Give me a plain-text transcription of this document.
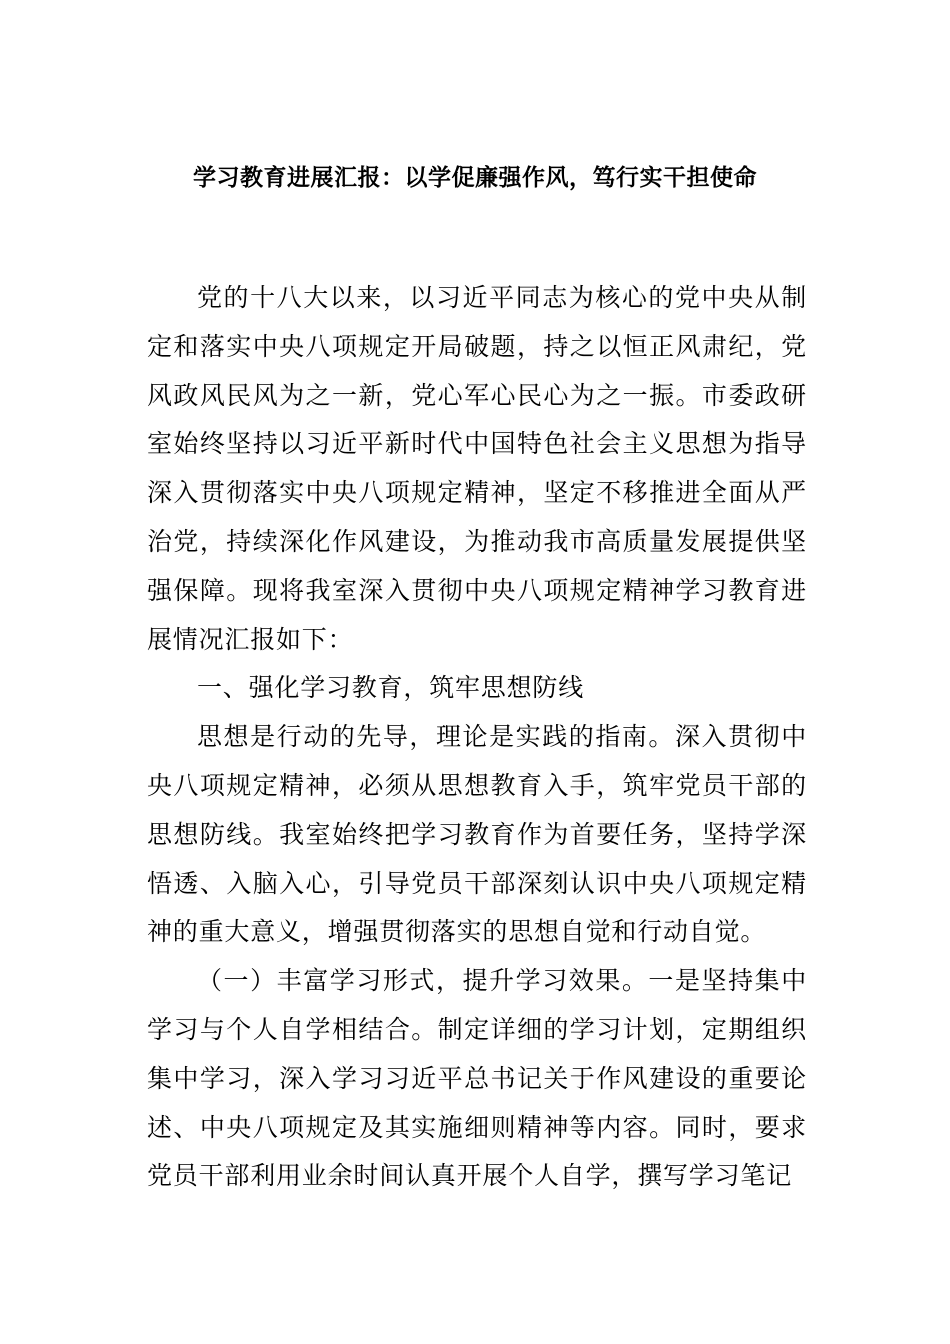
学习教育进展汇报：以学促廉强作风，笃行实干担使命

党的十八大以来，以习近平同志为核心的党中央从制定和落实中央八项规定开局破题，持之以恒正风肃纪，党风政风民风为之一新，党心军心民心为之一振。市委政研室始终坚持以习近平新时代中国特色社会主义思想为指导深入贯彻落实中央八项规定精神，坚定不移推进全面从严治党，持续深化作风建设，为推动我市高质量发展提供坚强保障。现将我室深入贯彻中央八项规定精神学习教育进展情况汇报如下：

一、强化学习教育，筑牢思想防线

思想是行动的先导，理论是实践的指南。深入贯彻中央八项规定精神，必须从思想教育入手，筑牢党员干部的思想防线。我室始终把学习教育作为首要任务，坚持学深悟透、入脑入心，引导党员干部深刻认识中央八项规定精神的重大意义，增强贯彻落实的思想自觉和行动自觉。

（一）丰富学习形式，提升学习效果。一是坚持集中学习与个人自学相结合。制定详细的学习计划，定期组织集中学习，深入学习习近平总书记关于作风建设的重要论述、中央八项规定及其实施细则精神等内容。同时，要求党员干部利用业余时间认真开展个人自学，撰写学习笔记
